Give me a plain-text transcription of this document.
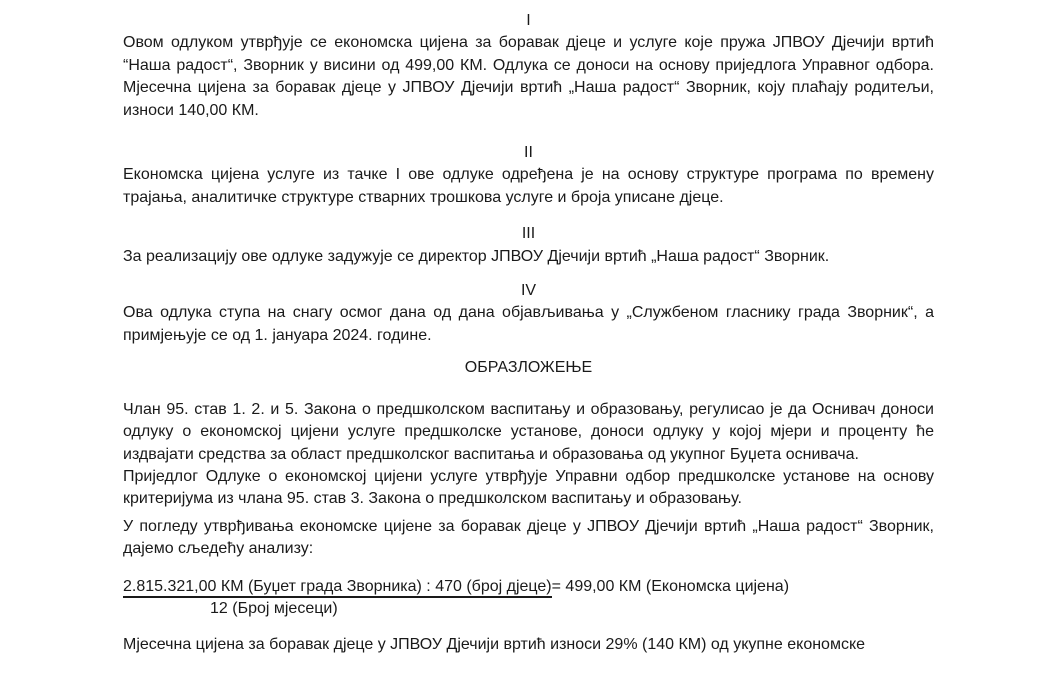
I

Овом одлуком утврђује се економска цијена за боравак дјеце и услуге које пружа ЈПВОУ Дјечији вртић “Наша радост“, Зворник у висини од 499,00 КМ. Одлука се доноси на основу приједлога Управног одбора. Мјесечна цијена за боравак дјеце у ЈПВОУ Дјечији вртић „Наша радост“ Зворник, коју плаћају родитељи, износи 140,00 КМ.

II

Економска цијена услуге из тачке I ове одлуке одређена је на основу структуре програма по времену трајања, аналитичке структуре стварних трошкова услуге и броја уписане дјеце.

III

За реализацију ове одлуке задужује се директор ЈПВОУ Дјечији вртић „Наша радост“ Зворник.

IV

Ова одлука ступа на снагу осмог дана од дана објављивања у „Службеном гласнику града Зворник“, а примјењује се од 1. јануара 2024. године.

ОБРАЗЛОЖЕЊЕ

Члан 95. став 1. 2. и 5. Закона о предшколском васпитању и образовању, регулисао је да Оснивач доноси одлуку о економској цијени услуге предшколске установе, доноси одлуку у којој мјери и проценту ће издвајати средства за област предшколског васпитања и образовања од укупног Буџета оснивача.

Приједлог Одлуке о економској цијени услуге утврђује Управни одбор предшколске установе на основу критеријума из члана 95. став 3. Закона о предшколском васпитању и образовању.

У погледу утврђивања економске цијене за боравак дјеце у ЈПВОУ Дјечији вртић „Наша радост“ Зворник, дајемо сљедећу анализу:

2.815.321,00 КМ (Буџет града Зворника) : 470 (број дјеце)= 499,00 КМ (Економска цијена)
12 (Број мјесеци)

Мјесечна цијена за боравак дјеце у ЈПВОУ Дјечији вртић износи 29% (140 КМ) од укупне економске
